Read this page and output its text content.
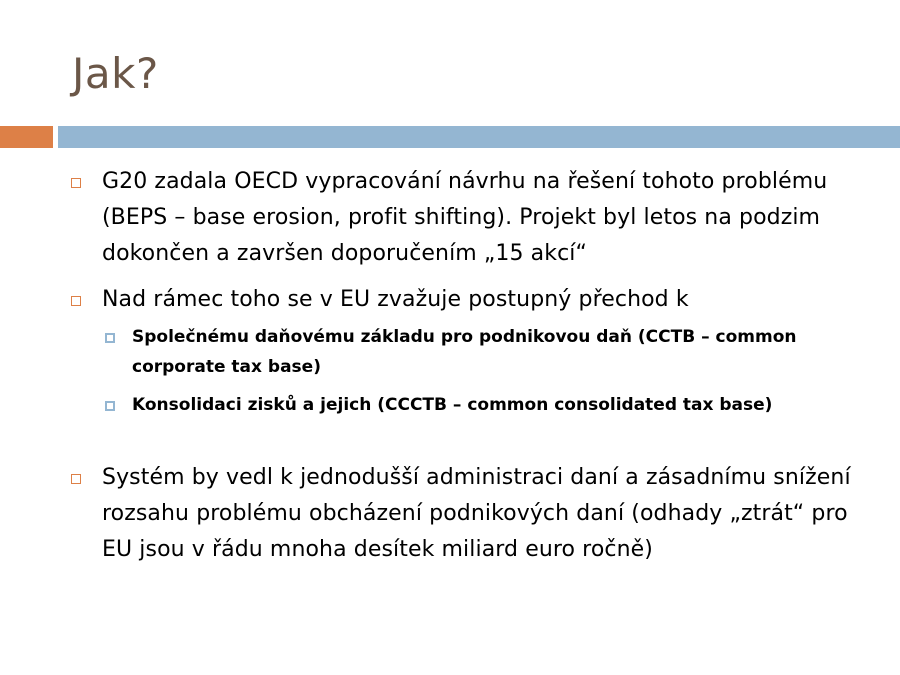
Jak?
G20 zadala OECD vypracování návrhu na řešení tohoto problému (BEPS – base erosion, profit shifting). Projekt byl letos na podzim dokončen a završen doporučením „15 akcí“
Nad rámec toho se v EU zvažuje postupný přechod k
Společnému daňovému základu pro podnikovou daň (CCTB – common corporate tax base)
Konsolidaci zisků a jejich (CCCTB – common consolidated tax base)
Systém by vedl k jednodušší administraci daní a zásadnímu snížení rozsahu problému obcházení podnikových daní (odhady „ztrát“ pro EU jsou v řádu mnoha desítek miliard euro ročně)
